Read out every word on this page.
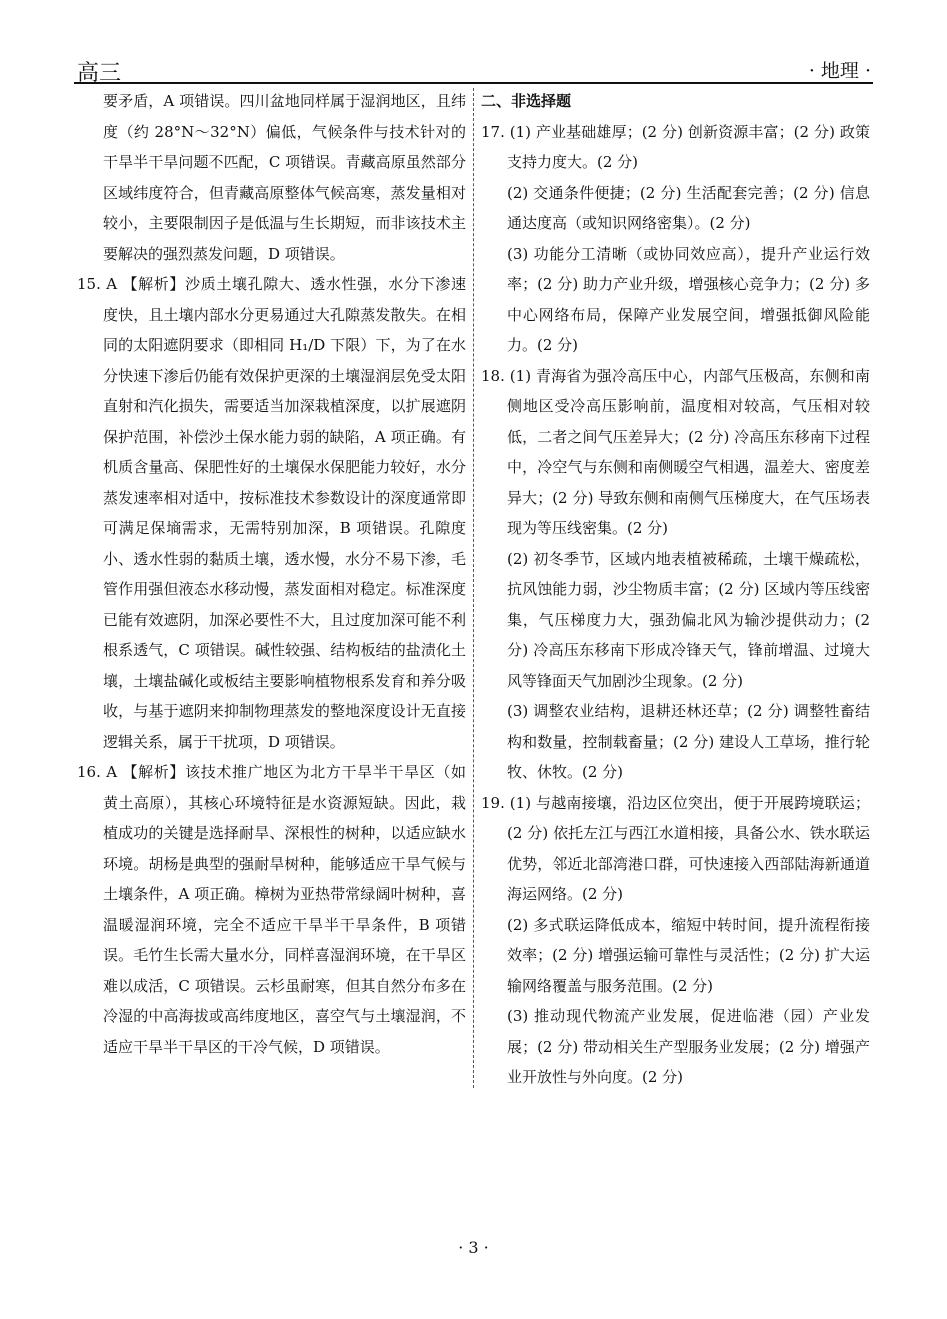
高三	· 地理 ·

要矛盾，A 项错误。四川盆地同样属于湿润地区，且纬度（约 28°N～32°N）偏低，气候条件与技术针对的干旱半干旱问题不匹配，C 项错误。青藏高原虽然部分区域纬度符合，但青藏高原整体气候高寒，蒸发量相对较小，主要限制因子是低温与生长期短，而非该技术主要解决的强烈蒸发问题，D 项错误。

15. A 【解析】沙质土壤孔隙大、透水性强，水分下渗速度快，且土壤内部水分更易通过大孔隙蒸发散失。在相同的太阳遮阴要求（即相同 H₁/D 下限）下，为了在水分快速下渗后仍能有效保护更深的土壤湿润层免受太阳直射和汽化损失，需要适当加深栽植深度，以扩展遮阴保护范围，补偿沙土保水能力弱的缺陷，A 项正确。有机质含量高、保肥性好的土壤保水保肥能力较好，水分蒸发速率相对适中，按标准技术参数设计的深度通常即可满足保墒需求，无需特别加深，B 项错误。孔隙度小、透水性弱的黏质土壤，透水慢，水分不易下渗，毛管作用强但液态水移动慢，蒸发面相对稳定。标准深度已能有效遮阴，加深必要性不大，且过度加深可能不利根系透气，C 项错误。碱性较强、结构板结的盐渍化土壤，土壤盐碱化或板结主要影响植物根系发育和养分吸收，与基于遮阴来抑制物理蒸发的整地深度设计无直接逻辑关系，属于干扰项，D 项错误。

16. A 【解析】该技术推广地区为北方干旱半干旱区（如黄土高原），其核心环境特征是水资源短缺。因此，栽植成功的关键是选择耐旱、深根性的树种，以适应缺水环境。胡杨是典型的强耐旱树种，能够适应干旱气候与土壤条件，A 项正确。樟树为亚热带常绿阔叶树种，喜温暖湿润环境，完全不适应干旱半干旱条件，B 项错误。毛竹生长需大量水分，同样喜湿润环境，在干旱区难以成活，C 项错误。云杉虽耐寒，但其自然分布多在冷湿的中高海拔或高纬度地区，喜空气与土壤湿润，不适应干旱半干旱区的干冷气候，D 项错误。

二、非选择题

17. (1) 产业基础雄厚；(2 分) 创新资源丰富；(2 分) 政策支持力度大。(2 分)

(2) 交通条件便捷；(2 分) 生活配套完善；(2 分) 信息通达度高（或知识网络密集）。(2 分)

(3) 功能分工清晰（或协同效应高），提升产业运行效率；(2 分) 助力产业升级，增强核心竞争力；(2 分) 多中心网络布局，保障产业发展空间，增强抵御风险能力。(2 分)

18. (1) 青海省为强冷高压中心，内部气压极高，东侧和南侧地区受冷高压影响前，温度相对较高，气压相对较低，二者之间气压差异大；(2 分) 冷高压东移南下过程中，冷空气与东侧和南侧暖空气相遇，温差大、密度差异大；(2 分) 导致东侧和南侧气压梯度大，在气压场表现为等压线密集。(2 分)

(2) 初冬季节，区域内地表植被稀疏，土壤干燥疏松，抗风蚀能力弱，沙尘物质丰富；(2 分) 区域内等压线密集，气压梯度力大，强劲偏北风为输沙提供动力；(2 分) 冷高压东移南下形成冷锋天气，锋前增温、过境大风等锋面天气加剧沙尘现象。(2 分)

(3) 调整农业结构，退耕还林还草；(2 分) 调整牲畜结构和数量，控制载畜量；(2 分) 建设人工草场，推行轮牧、休牧。(2 分)

19. (1) 与越南接壤，沿边区位突出，便于开展跨境联运；(2 分) 依托左江与西江水道相接，具备公水、铁水联运优势，邻近北部湾港口群，可快速接入西部陆海新通道海运网络。(2 分)

(2) 多式联运降低成本，缩短中转时间，提升流程衔接效率；(2 分) 增强运输可靠性与灵活性；(2 分) 扩大运输网络覆盖与服务范围。(2 分)

(3) 推动现代物流产业发展，促进临港（园）产业发展；(2 分) 带动相关生产型服务业发展；(2 分) 增强产业开放性与外向度。(2 分)

· 3 ·
